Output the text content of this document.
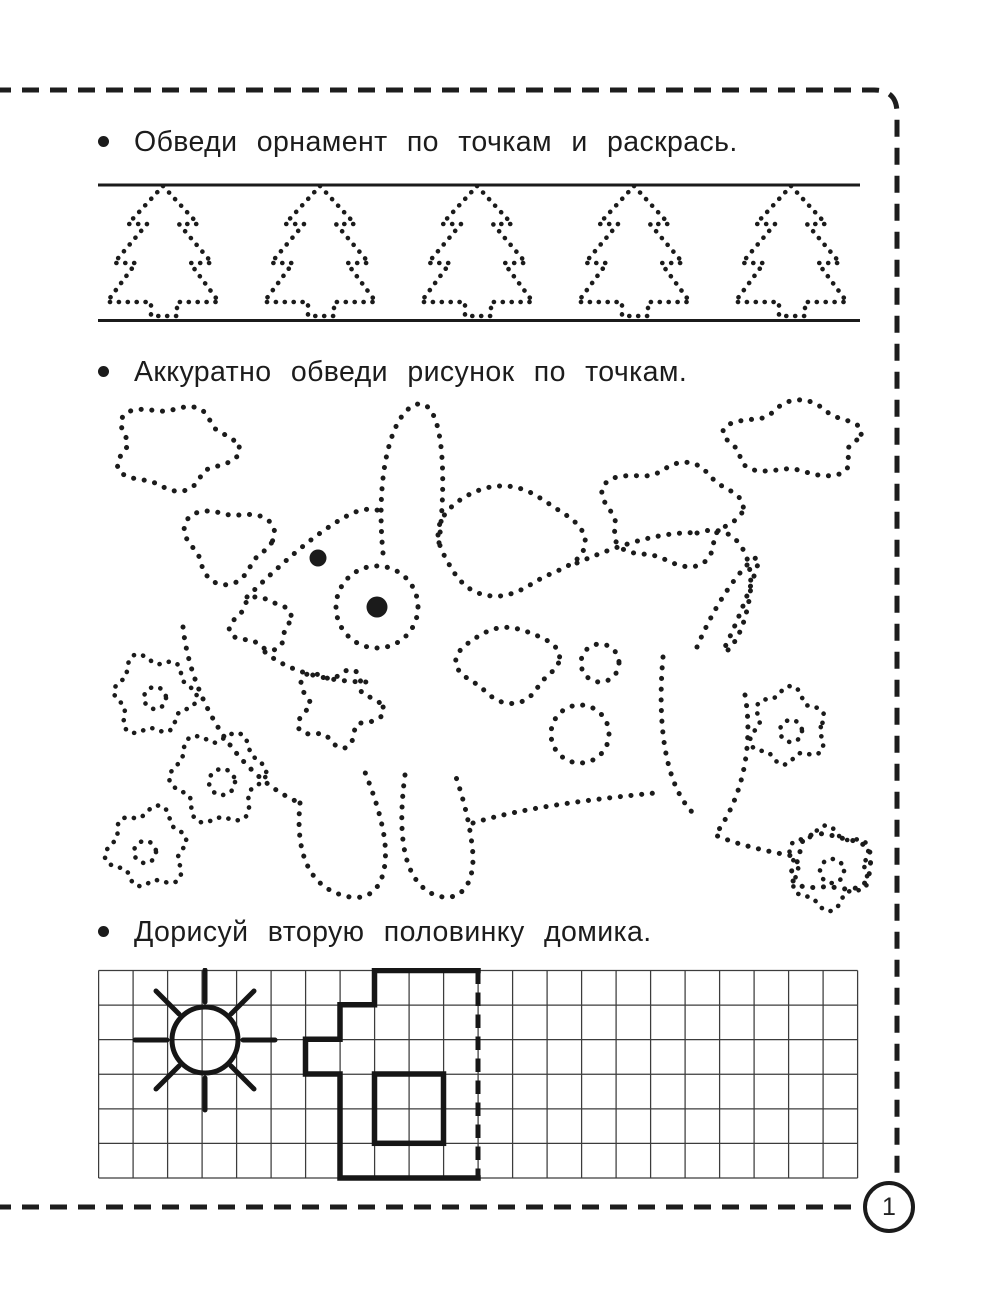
Обведи орнамент по точкам и раскрась.
Аккуратно обведи рисунок по точкам.
Дорисуй вторую половинку домика.
1
